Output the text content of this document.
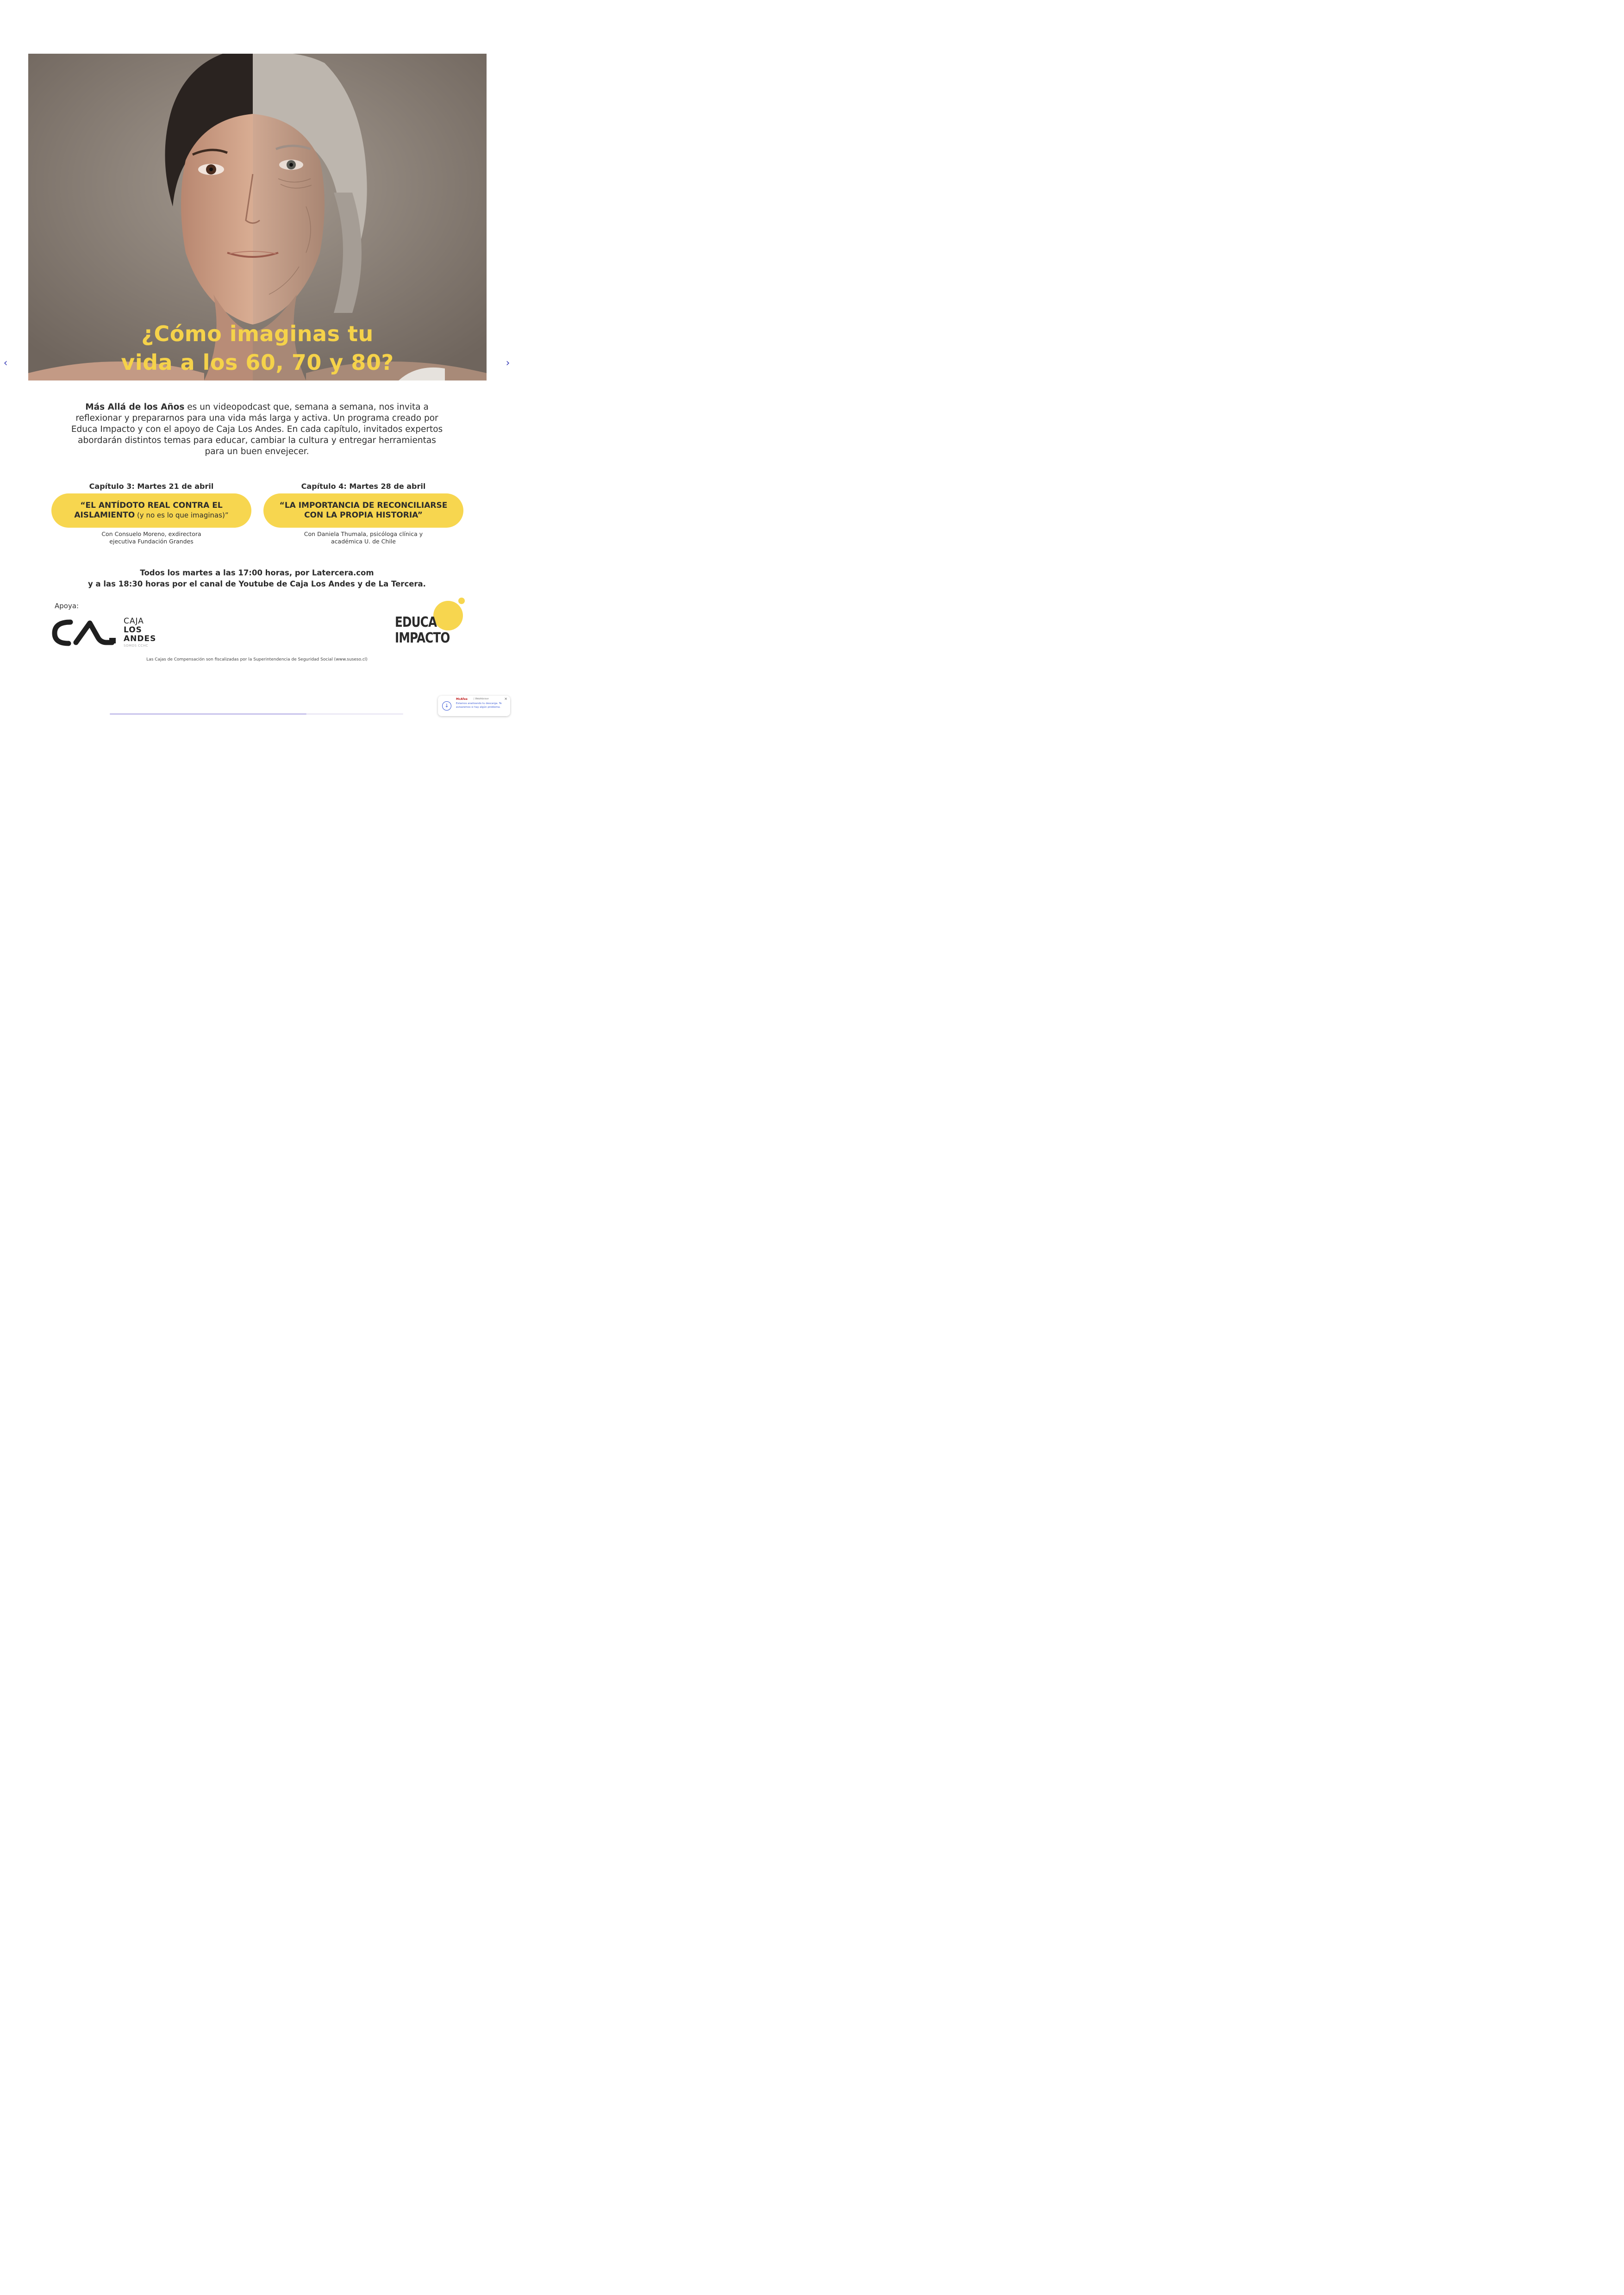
¿Cómo imaginas tu
vida a los 60, 70 y 80?
‹	›
Más Allá de los Años es un videopodcast que, semana a semana, nos invita a reflexionar y prepararnos para una vida más larga y activa. Un programa creado por Educa Impacto y con el apoyo de Caja Los Andes. En cada capítulo, invitados expertos abordarán distintos temas para educar, cambiar la cultura y entregar herramientas para un buen envejecer.
Capítulo 3: Martes 21 de abril
“EL ANTÍDOTO REAL CONTRA EL
AISLAMIENTO (y no es lo que imaginas)”
Con Consuelo Moreno, exdirectora
ejecutiva Fundación Grandes
Capítulo 4: Martes 28 de abril
“LA IMPORTANCIA DE RECONCILIARSE
CON LA PROPIA HISTORIA”
Con Daniela Thumala, psicóloga clínica y
académica U. de Chile
Todos los martes a las 17:00 horas, por Latercera.com
y a las 18:30 horas por el canal de Youtube de Caja Los Andes y de La Tercera.
Apoya:
CAJA
LOS
ANDES
SOMOS CCHC
EDUCA
IMPACTO
Las Cajas de Compensación son fiscalizadas por la Superintendencia de Seguridad Social (www.suseso.cl)
↓
McAfee	| WebAdvisor	×
Estamos analizando tu descarga. Te avisaremos si hay algún problema.
